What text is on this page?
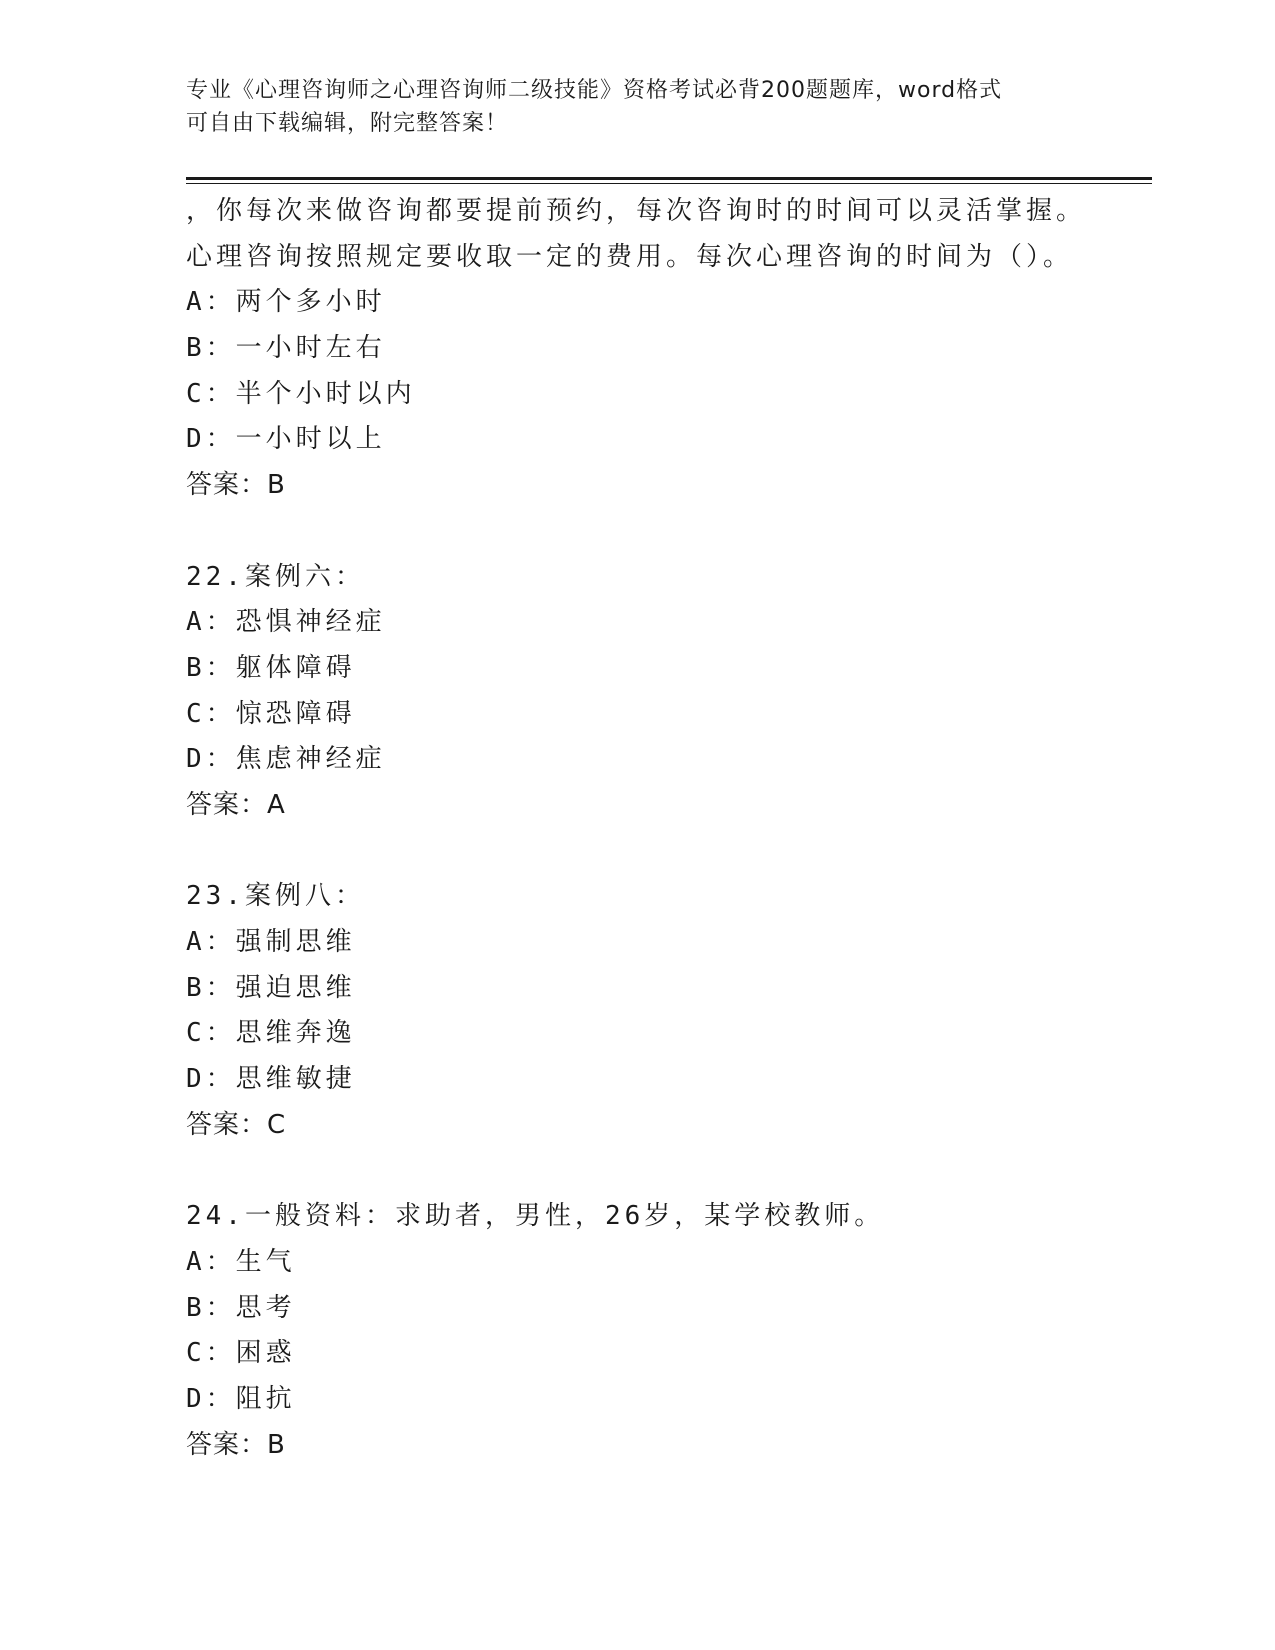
专业《心理咨询师之心理咨询师二级技能》资格考试必背200题题库，word格式
可自由下载编辑，附完整答案！
，你每次来做咨询都要提前预约，每次咨询时的时间可以灵活掌握。
心理咨询按照规定要收取一定的费用。每次心理咨询的时间为（）。
A：两个多小时
B：一小时左右
C：半个小时以内
D：一小时以上
答案：B
22.案例六：
A：恐惧神经症
B：躯体障碍
C：惊恐障碍
D：焦虑神经症
答案：A
23.案例八：
A：强制思维
B：强迫思维
C：思维奔逸
D：思维敏捷
答案：C
24.一般资料：求助者，男性，26岁，某学校教师。
A：生气
B：思考
C：困惑
D：阻抗
答案：B
